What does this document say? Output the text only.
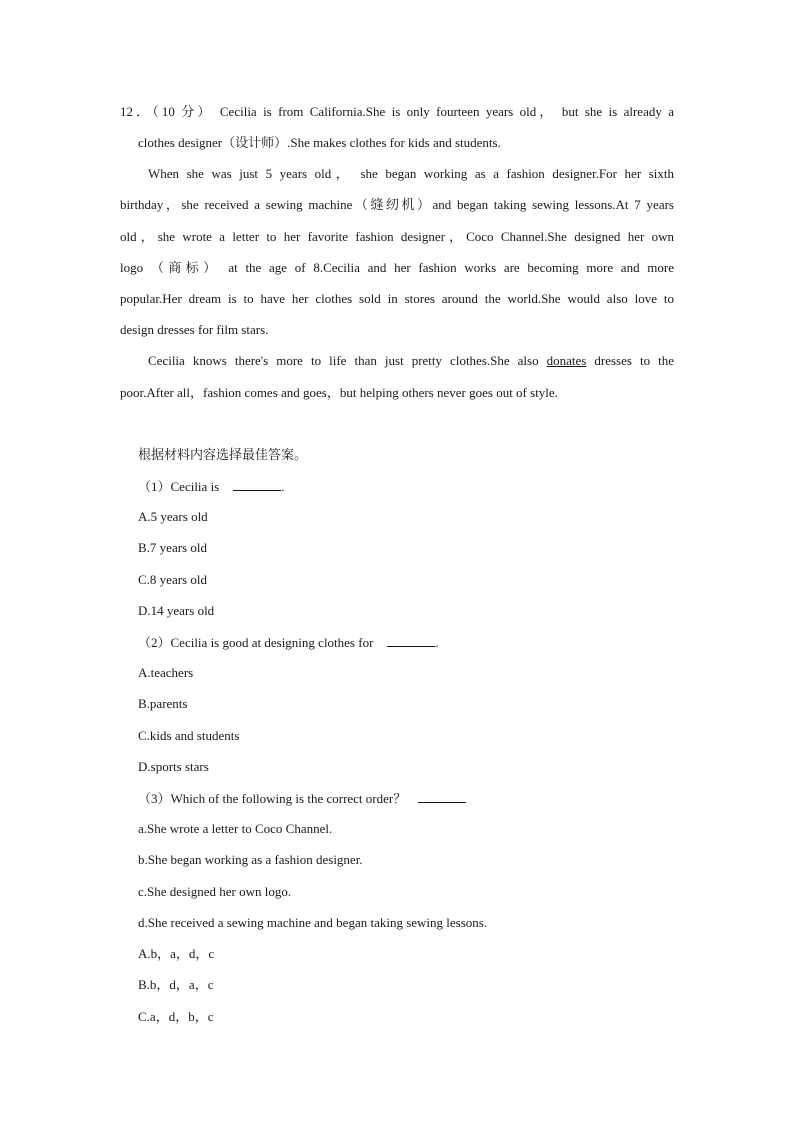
12．（10 分） Cecilia is from California.She is only fourteen years old， but she is already a
clothes designer（设计师）.She makes clothes for kids and students.
When she was just 5 years old， she began working as a fashion designer.For her sixth
birthday，she received a sewing machine（缝纫机）and began taking sewing lessons.At 7 years
old，she wrote a letter to her favorite fashion designer，Coco Channel.She designed her own
logo （商标） at the age of 8.Cecilia and her fashion works are becoming more and more
popular.Her dream is to have her clothes sold in stores around the world.She would also love to
design dresses for film stars.
Cecilia knows there's more to life than just pretty clothes.She also donates dresses to the
poor.After all，fashion comes and goes，but helping others never goes out of style.
根据材料内容选择最佳答案。
（1）Cecilia is	.
A.5 years old
B.7 years old
C.8 years old
D.14 years old
（2）Cecilia is good at designing clothes for	.
A.teachers
B.parents
C.kids and students
D.sports stars
（3）Which of the following is the correct order？
a.She wrote a letter to Coco Channel.
b.She began working as a fashion designer.
c.She designed her own logo.
d.She received a sewing machine and began taking sewing lessons.
A.b，a，d，c
B.b，d，a，c
C.a，d，b，c
